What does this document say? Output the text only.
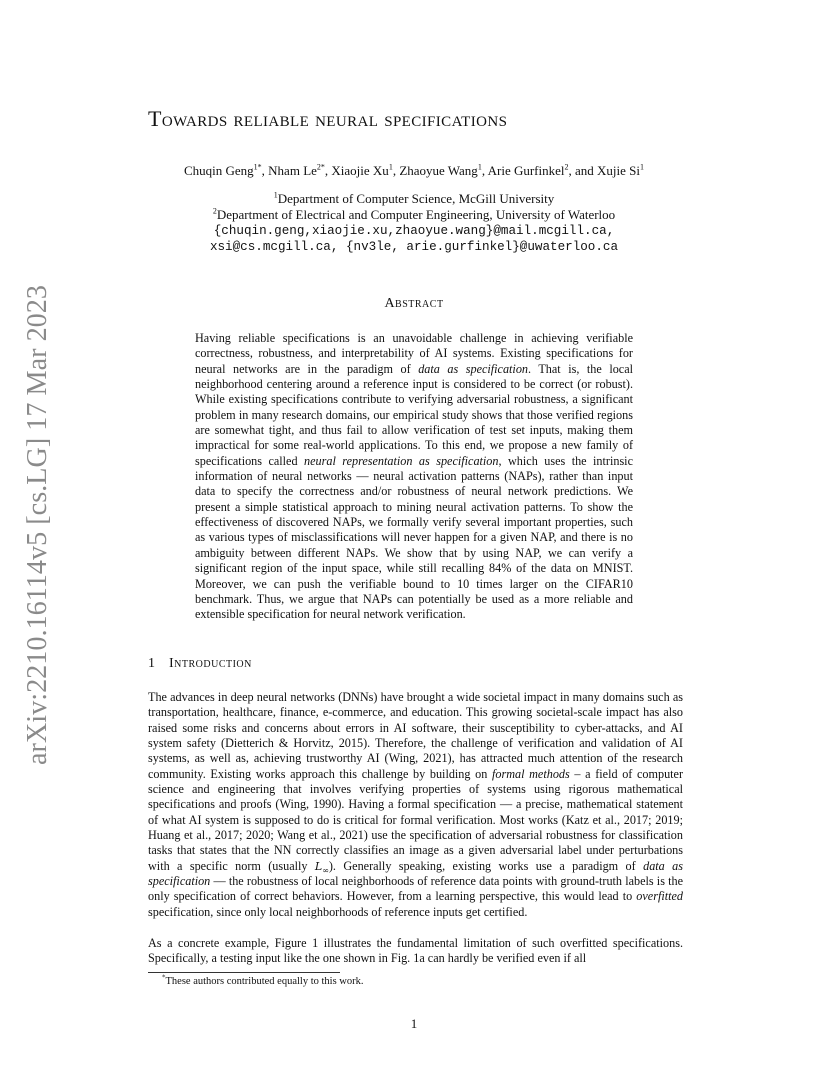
arXiv:2210.16114v5 [cs.LG] 17 Mar 2023
Towards reliable neural specifications
Chuqin Geng$^{1*}$, Nham $Le^{2*}$, Xiaojie Xu$^1$, Zhaoyue Wang$^1$, Arie Gurfinkel$^2$, and Xujie Si$^1$
$^1$Department of Computer Science, McGill University
$^2$Department of Electrical and Computer Engineering, University of Waterloo
{chuqin.geng,xiaojie.xu,zhaoyue.wang}@mail.mcgill.ca,
xsi@cs.mcgill.ca, {nv3le, arie.gurfinkel}@uwaterloo.ca
Abstract
Having reliable specifications is an unavoidable challenge in achieving verifiable correctness, robustness, and interpretability of AI systems. Existing specifications for neural networks are in the paradigm of data as specification. That is, the local neighborhood centering around a reference input is considered to be correct (or robust). While existing specifications contribute to verifying adversarial robustness, a significant problem in many research domains, our empirical study shows that those verified regions are somewhat tight, and thus fail to allow verification of test set inputs, making them impractical for some real-world applications. To this end, we propose a new family of specifications called neural representation as specification, which uses the intrinsic information of neural networks — neural activation patterns (NAPs), rather than input data to specify the correctness and/or robustness of neural network predictions. We present a simple statistical approach to mining neural activation patterns. To show the effectiveness of discovered NAPs, we formally verify several important properties, such as various types of misclassifications will never happen for a given NAP, and there is no ambiguity between different NAPs. We show that by using NAP, we can verify a significant region of the input space, while still recalling 84% of the data on MNIST. Moreover, we can push the verifiable bound to 10 times larger on the CIFAR10 benchmark. Thus, we argue that NAPs can potentially be used as a more reliable and extensible specification for neural network verification.
1 Introduction
The advances in deep neural networks (DNNs) have brought a wide societal impact in many domains such as transportation, healthcare, finance, e-commerce, and education. This growing societal-scale impact has also raised some risks and concerns about errors in AI software, their susceptibility to cyber-attacks, and AI system safety (Dietterich & Horvitz, 2015). Therefore, the challenge of verification and validation of AI systems, as well as, achieving trustworthy AI (Wing, 2021), has attracted much attention of the research community. Existing works approach this challenge by building on formal methods – a field of computer science and engineering that involves verifying properties of systems using rigorous mathematical specifications and proofs (Wing, 1990). Having a formal specification — a precise, mathematical statement of what AI system is supposed to do is critical for formal verification. Most works (Katz et al., 2017; 2019; Huang et al., 2017; 2020; Wang et al., 2021) use the specification of adversarial robustness for classification tasks that states that the NN correctly classifies an image as a given adversarial label under perturbations with a specific norm (usually $L_\infty$). Generally speaking, existing works use a paradigm of data as specification — the robustness of local neighborhoods of reference data points with ground-truth labels is the only specification of correct behaviors. However, from a learning perspective, this would lead to overfitted specification, since only local neighborhoods of reference inputs get certified.
As a concrete example, Figure 1 illustrates the fundamental limitation of such overfitted specifications. Specifically, a testing input like the one shown in Fig. 1a can hardly be verified even if all
*These authors contributed equally to this work.
1
